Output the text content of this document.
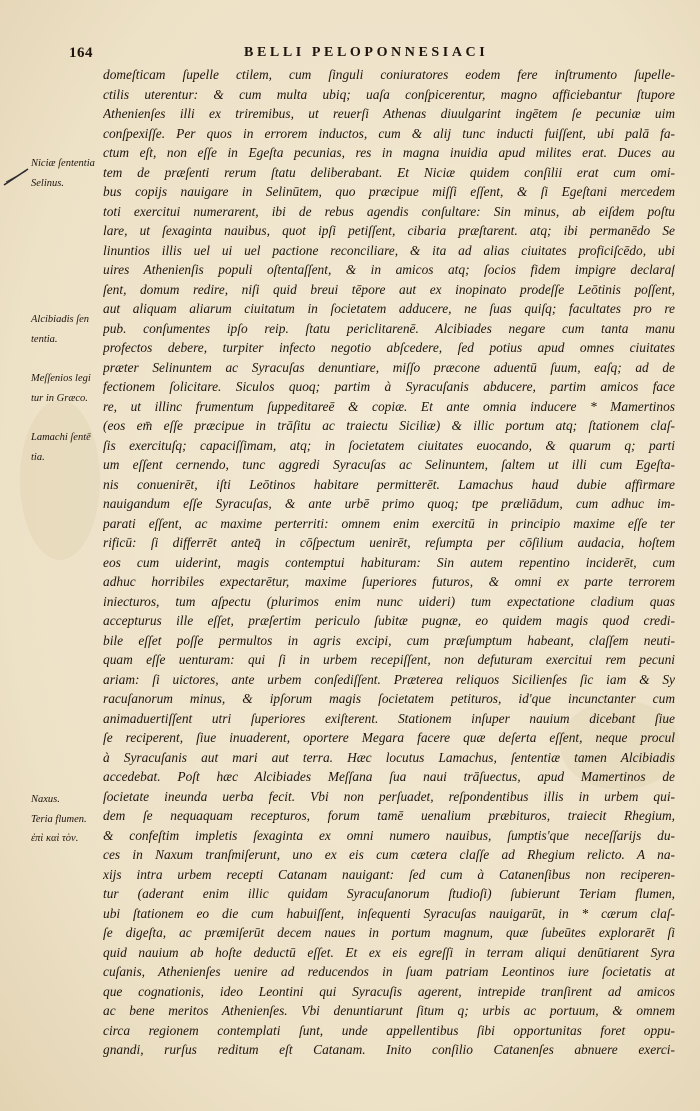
164	BELLI PELOPONNESIACI
Niciæ ſententia
Selinus.
Alcibiadis ſen
tentia.
Meſſenios legi
tur in Græco.
Lamachi ſentē
tia.
Naxus.
Teria flumen.
ἐπὶ καὶ τὸν.
domeſticam ſupelle ctilem, cum ſinguli coniuratores eodem fere inſtrumento ſupelle-
ctilis uterentur: & cum multa ubiq; uaſa conſpicerentur, magno afficiebantur ſtupore
Athenienſes illi ex triremibus, ut reuerſi Athenas diuulgarint ingētem ſe pecuniæ uim
conſpexiſſe. Per quos in errorem inductos, cum & alij tunc inducti fuiſſent, ubi palā fa-
ctum eſt, non eſſe in Egeſta pecunias, res in magna inuidia apud milites erat. Duces au
tem de præſenti rerum ſtatu deliberabant. Et Niciæ quidem conſilii erat cum omi-
bus copijs nauigare in Selinūtem, quo præcipue miſſi eſſent, & ſi Egeſtani mercedem
toti exercitui numerarent, ibi de rebus agendis conſultare: Sin minus, ab eiſdem poſtu
lare, ut ſexaginta nauibus, quot ipſi petiſſent, cibaria præſtarent. atq; ibi permanēdo Se
linuntios illis uel ui uel pactione reconciliare, & ita ad alias ciuitates proficiſcēdo, ubi
uires Athenienſis populi oſtentaſſent, & in amicos atq; ſocios fidem impigre declaraſ
ſent, domum redire, niſi quid breui tēpore aut ex inopinato prodeſſe Leōtinis poſſent,
aut aliquam aliarum ciuitatum in ſocietatem adducere, ne ſuas quiſq; facultates pro re
pub. conſumentes ipſo reip. ſtatu periclitarenē. Alcibiades negare cum tanta manu
profectos debere, turpiter infecto negotio abſcedere, ſed potius apud omnes ciuitates
præter Selinuntem ac Syracuſas denuntiare, miſſo præcone aduentū ſuum, eaſq; ad de
fectionem ſolicitare. Siculos quoq; partim à Syracuſanis abducere, partim amicos face
re, ut illinc frumentum ſuppeditareē & copiæ. Et ante omnia inducere * Mamertinos
(eos em̄ eſſe præcipue in trāſitu ac traiectu Siciliæ) & illic portum atq; ſtationem claſ-
ſis exercituſq; capaciſſimam, atq; in ſocietatem ciuitates euocando, & quarum q; parti
um eſſent cernendo, tunc aggredi Syracuſas ac Selinuntem, ſaltem ut illi cum Egeſta-
nis conuenirēt, iſti Leōtinos habitare permitterēt. Lamachus haud dubie affirmare
nauigandum eſſe Syracuſas, & ante urbē primo quoq; tpe præliādum, cum adhuc im-
parati eſſent, ac maxime perterriti: omnem enim exercitū in principio maxime eſſe ter
rificū: ſi differrēt anteq̄ in cōſpectum uenirēt, reſumpta per cōſilium audacia, hoſtem
eos cum uiderint, magis contemptui habituram: Sin autem repentino inciderēt, cum
adhuc horribiles expectarētur, maxime ſuperiores futuros, & omni ex parte terrorem
iniecturos, tum aſpectu (plurimos enim nunc uideri) tum expectatione cladium quas
accepturus ille eſſet, præſertim periculo ſubitæ pugnæ, eo quidem magis quod credi-
bile eſſet poſſe permultos in agris excipi, cum præſumptum habeant, claſſem neuti-
quam eſſe uenturam: qui ſi in urbem recepiſſent, non defuturam exercitui rem pecuni
ariam: ſi uictores, ante urbem conſediſſent. Præterea reliquos Sicilienſes ſic iam & Sy
racuſanorum minus, & ipſorum magis ſocietatem petituros, id'que incunctanter cum
animaduertiſſent utri ſuperiores exiſterent. Stationem inſuper nauium dicebant ſiue
ſe reciperent, ſiue inuaderent, oportere Megara facere quæ deſerta eſſent, neque procul
à Syracuſanis aut mari aut terra. Hæc locutus Lamachus, ſententiæ tamen Alcibiadis
accedebat. Poſt hæc Alcibiades Meſſana ſua naui trāſuectus, apud Mamertinos de
ſocietate ineunda uerba fecit. Vbi non perſuadet, reſpondentibus illis in urbem qui-
dem ſe nequaquam recepturos, forum tamē uenalium præbituros, traiecit Rhegium,
& confeſtim impletis ſexaginta ex omni numero nauibus, ſumptis'que neceſſarijs du-
ces in Naxum tranſmiſerunt, uno ex eis cum cætera claſſe ad Rhegium relicto. A na-
xijs intra urbem recepti Catanam nauigant: ſed cum à Catanenſibus non reciperen-
tur (aderant enim illic quidam Syracuſanorum ſtudioſi) ſubierunt Teriam flumen,
ubi ſtationem eo die cum habuiſſent, inſequenti Syracuſas nauigarūt, in * cærum claſ-
ſe digeſta, ac præmiſerūt decem naues in portum magnum, quæ ſubeūtes explorarēt ſi
quid nauium ab hoſte deductū eſſet. Et ex eis egreſſi in terram aliqui denūtiarent Syra
cuſanis, Athenienſes uenire ad reducendos in ſuam patriam Leontinos iure ſocietatis at
que cognationis, ideo Leontini qui Syracuſis agerent, intrepide tranſirent ad amicos
ac bene meritos Athenienſes. Vbi denuntiarunt ſitum q; urbis ac portuum, & omnem
circa regionem contemplati ſunt, unde appellentibus ſibi opportunitas foret oppu-
gnandi, rurſus reditum eſt Catanam. Inito conſilio Catanenſes abnuere exerci-
